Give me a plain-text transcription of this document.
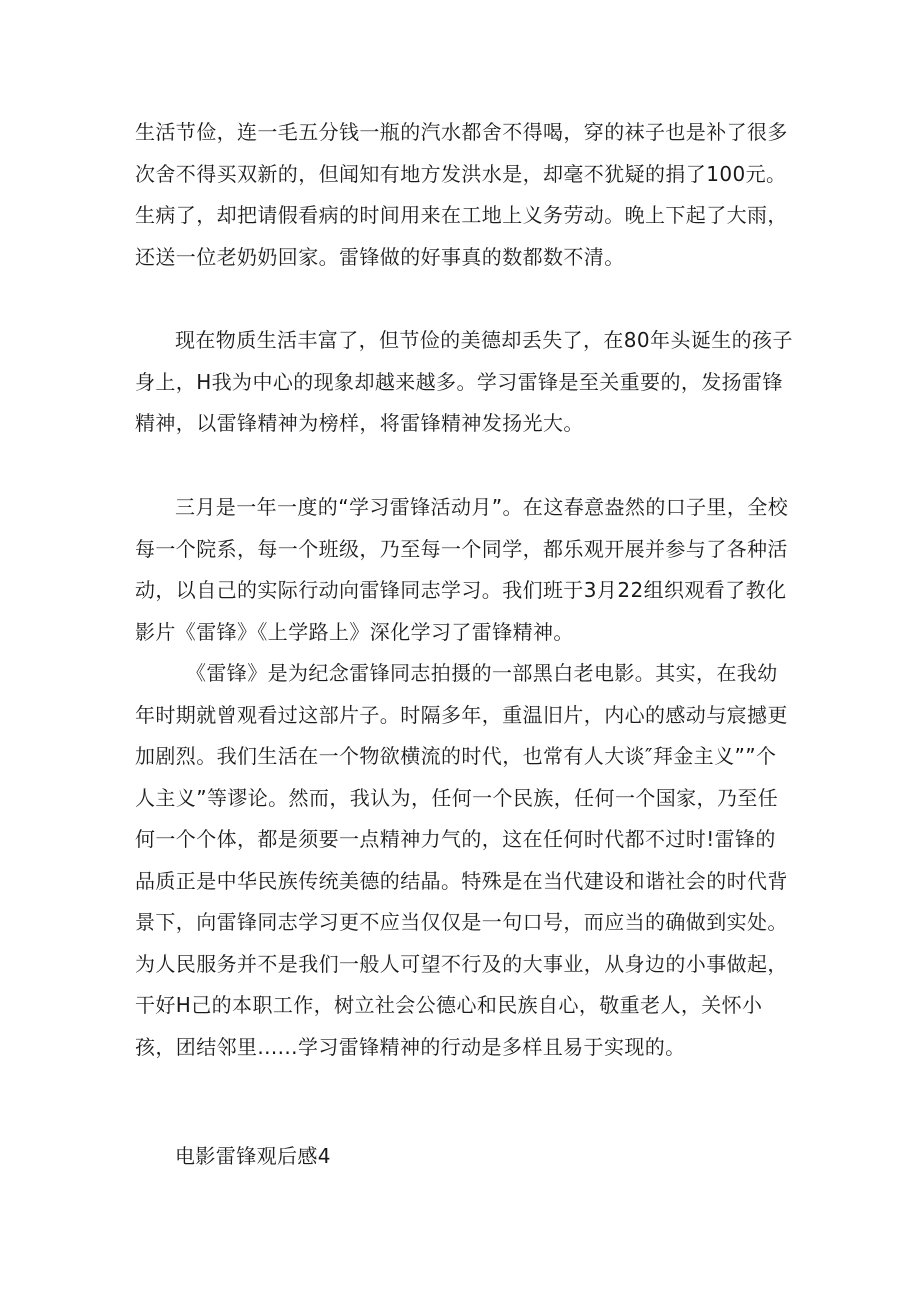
生活节俭，连一毛五分钱一瓶的汽水都舍不得喝，穿的袜子也是补了很多次舍不得买双新的，但闻知有地方发洪水是，却毫不犹疑的捐了100元。生病了，却把请假看病的时间用来在工地上义务劳动。晚上下起了大雨，还送一位老奶奶回家。雷锋做的好事真的数都数不清。

现在物质生活丰富了，但节俭的美德却丢失了，在80年头诞生的孩子身上，H我为中心的现象却越来越多。学习雷锋是至关重要的，发扬雷锋精神，以雷锋精神为榜样，将雷锋精神发扬光大。

三月是一年一度的“学习雷锋活动月”。在这春意盎然的口子里，全校每一个院系，每一个班级，乃至每一个同学，都乐观开展并参与了各种活动，以自己的实际行动向雷锋同志学习。我们班于3月22组织观看了教化影片《雷锋》《上学路上》深化学习了雷锋精神。

《雷锋》是为纪念雷锋同志拍摄的一部黑白老电影。其实，在我幼年时期就曾观看过这部片子。时隔多年，重温旧片，内心的感动与宸撼更加剧烈。我们生活在一个物欲横流的时代，也常有人大谈″拜金主义””个人主义”等谬论。然而，我认为，任何一个民族，任何一个国家，乃至任何一个个体，都是须要一点精神力气的，这在任何时代都不过时!雷锋的品质正是中华民族传统美德的结晶。特殊是在当代建设和谐社会的时代背景下，向雷锋同志学习更不应当仅仅是一句口号，而应当的确做到实处。为人民服务并不是我们一般人可望不行及的大事业，从身边的小事做起，干好H己的本职工作，树立社会公德心和民族自心，敬重老人，关怀小孩，团结邻里......学习雷锋精神的行动是多样且易于实现的。

电影雷锋观后感4
